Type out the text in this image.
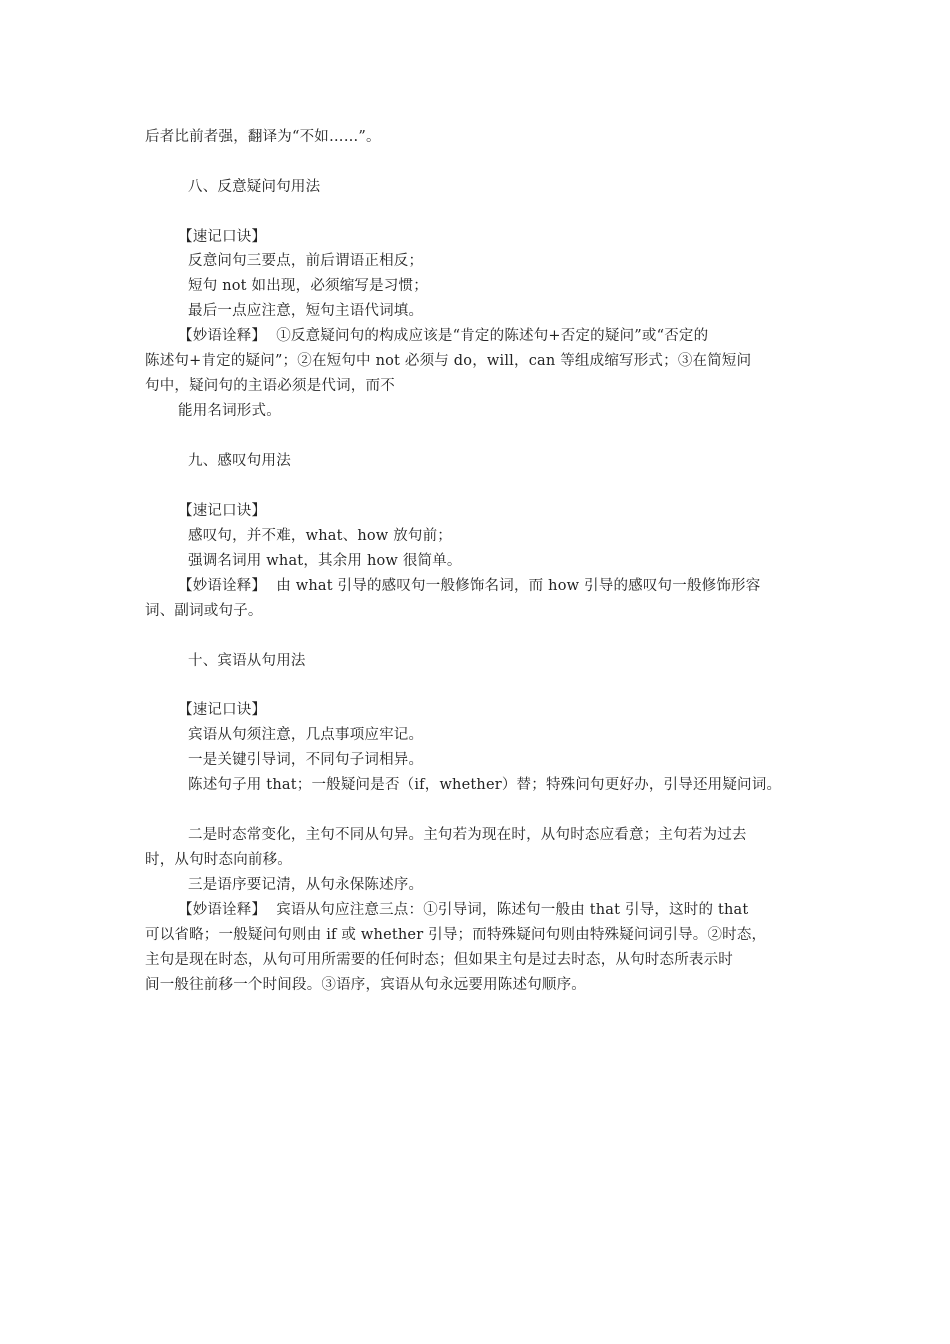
后者比前者强，翻译为“不如……”。
八、反意疑问句用法
【速记口诀】
反意问句三要点，前后谓语正相反；
短句 not 如出现，必须缩写是习惯；
最后一点应注意，短句主语代词填。
【妙语诠释】 ①反意疑问句的构成应该是“肯定的陈述句+否定的疑问”或“否定的
陈述句+肯定的疑问”；②在短句中 not 必须与 do，will，can 等组成缩写形式；③在简短问
句中，疑问句的主语必须是代词，而不
能用名词形式。
九、感叹句用法
【速记口诀】
感叹句，并不难，what、how 放句前；
强调名词用 what，其余用 how 很简单。
【妙语诠释】 由 what 引导的感叹句一般修饰名词，而 how 引导的感叹句一般修饰形容
词、副词或句子。
十、宾语从句用法
【速记口诀】
宾语从句须注意，几点事项应牢记。
一是关键引导词，不同句子词相异。
陈述句子用 that；一般疑问是否（if，whether）替；特殊问句更好办，引导还用疑问词。
二是时态常变化，主句不同从句异。主句若为现在时，从句时态应看意；主句若为过去
时，从句时态向前移。
三是语序要记清，从句永保陈述序。
【妙语诠释】 宾语从句应注意三点：①引导词，陈述句一般由 that 引导，这时的 that
可以省略；一般疑问句则由 if 或 whether 引导；而特殊疑问句则由特殊疑问词引导。②时态，
主句是现在时态，从句可用所需要的任何时态；但如果主句是过去时态，从句时态所表示时
间一般往前移一个时间段。③语序，宾语从句永远要用陈述句顺序。
